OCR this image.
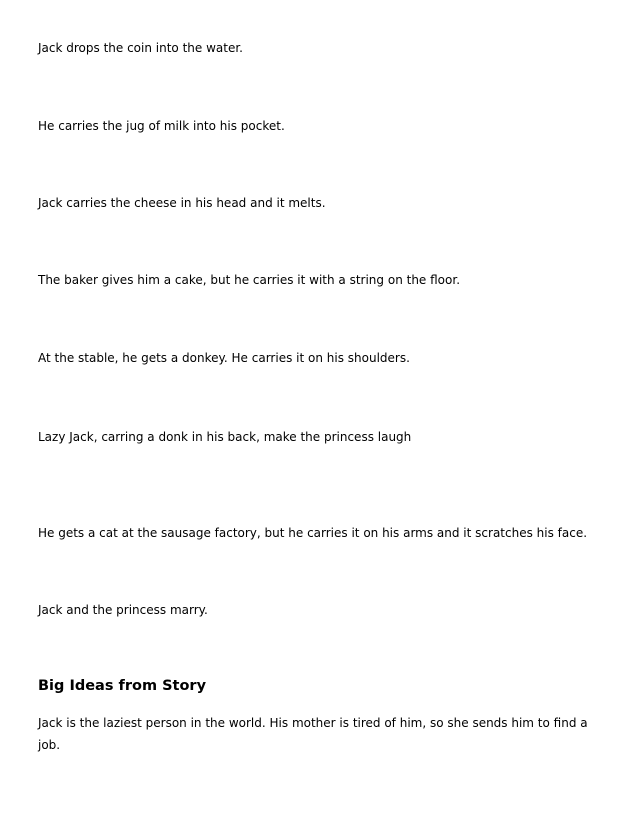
Jack drops the coin into the water.

He carries the jug of milk into his pocket.

Jack carries the cheese in his head and it melts.

The baker gives him a cake, but he carries it with a string on the floor.

At the stable, he gets a donkey. He carries it on his shoulders.

Lazy Jack, carring a donk in his back, make the princess laugh

He gets a cat at the sausage factory, but he carries it on his arms and it scratches his face.

Jack and the princess marry.

Big Ideas from Story

Jack is the laziest person in the world. His mother is tired of him, so she sends him to find a job.
